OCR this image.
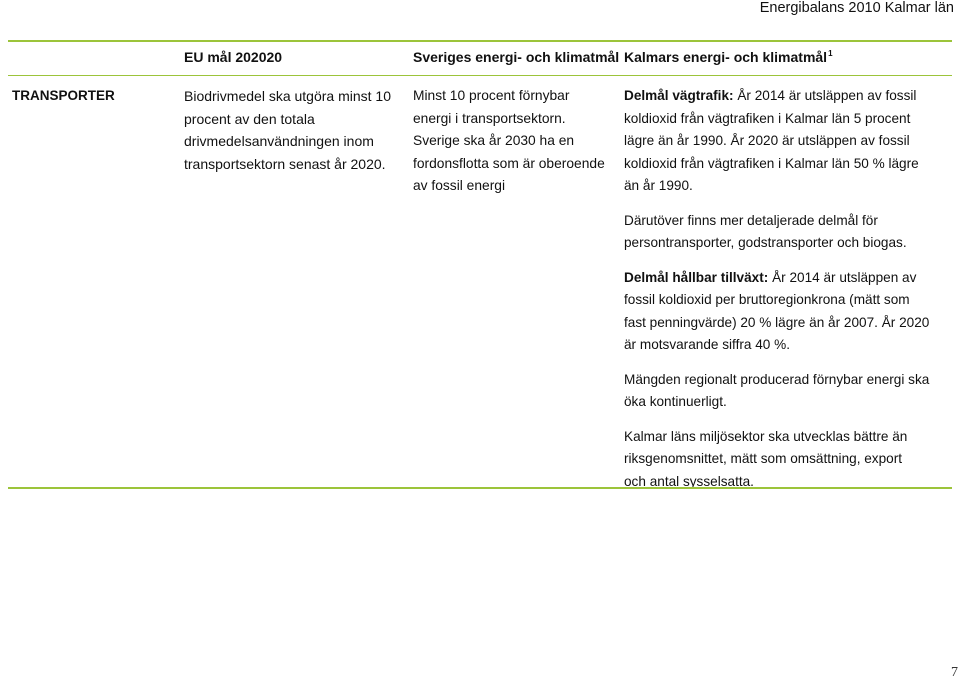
Energibalans 2010 Kalmar län
EU mål 202020	Sveriges energi- och klimatmål Kalmars energi- och klimatmål$^1$
TRANSPORTER	Biodrivmedel ska utgöra minst 10
procent av den totala
drivmedelsanvändningen inom
transportsektorn senast år 2020.
Minst 10 procent förnybar
energi i transportsektorn.
Sverige ska år 2030 ha en
fordonsflotta som är oberoende
av fossil energi

Delmål vägtrafik: År 2014 är utsläppen av fossil
koldioxid från vägtrafiken i Kalmar län 5 procent
lägre än år 1990. År 2020 är utsläppen av fossil
koldioxid från vägtrafiken i Kalmar län 50 % lägre
än år 1990.

Därutöver finns mer detaljerade delmål för
persontransporter, godstransporter och biogas.

Delmål hållbar tillväxt: År 2014 är utsläppen av
fossil koldioxid per bruttoregionkrona (mätt som
fast penningvärde) 20 % lägre än år 2007. År 2020
är motsvarande siffra 40 %.

Mängden regionalt producerad förnybar energi ska
öka kontinuerligt.

Kalmar läns miljösektor ska utvecklas bättre än
riksgenomsnittet, mätt som omsättning, export
och antal sysselsatta.

7
